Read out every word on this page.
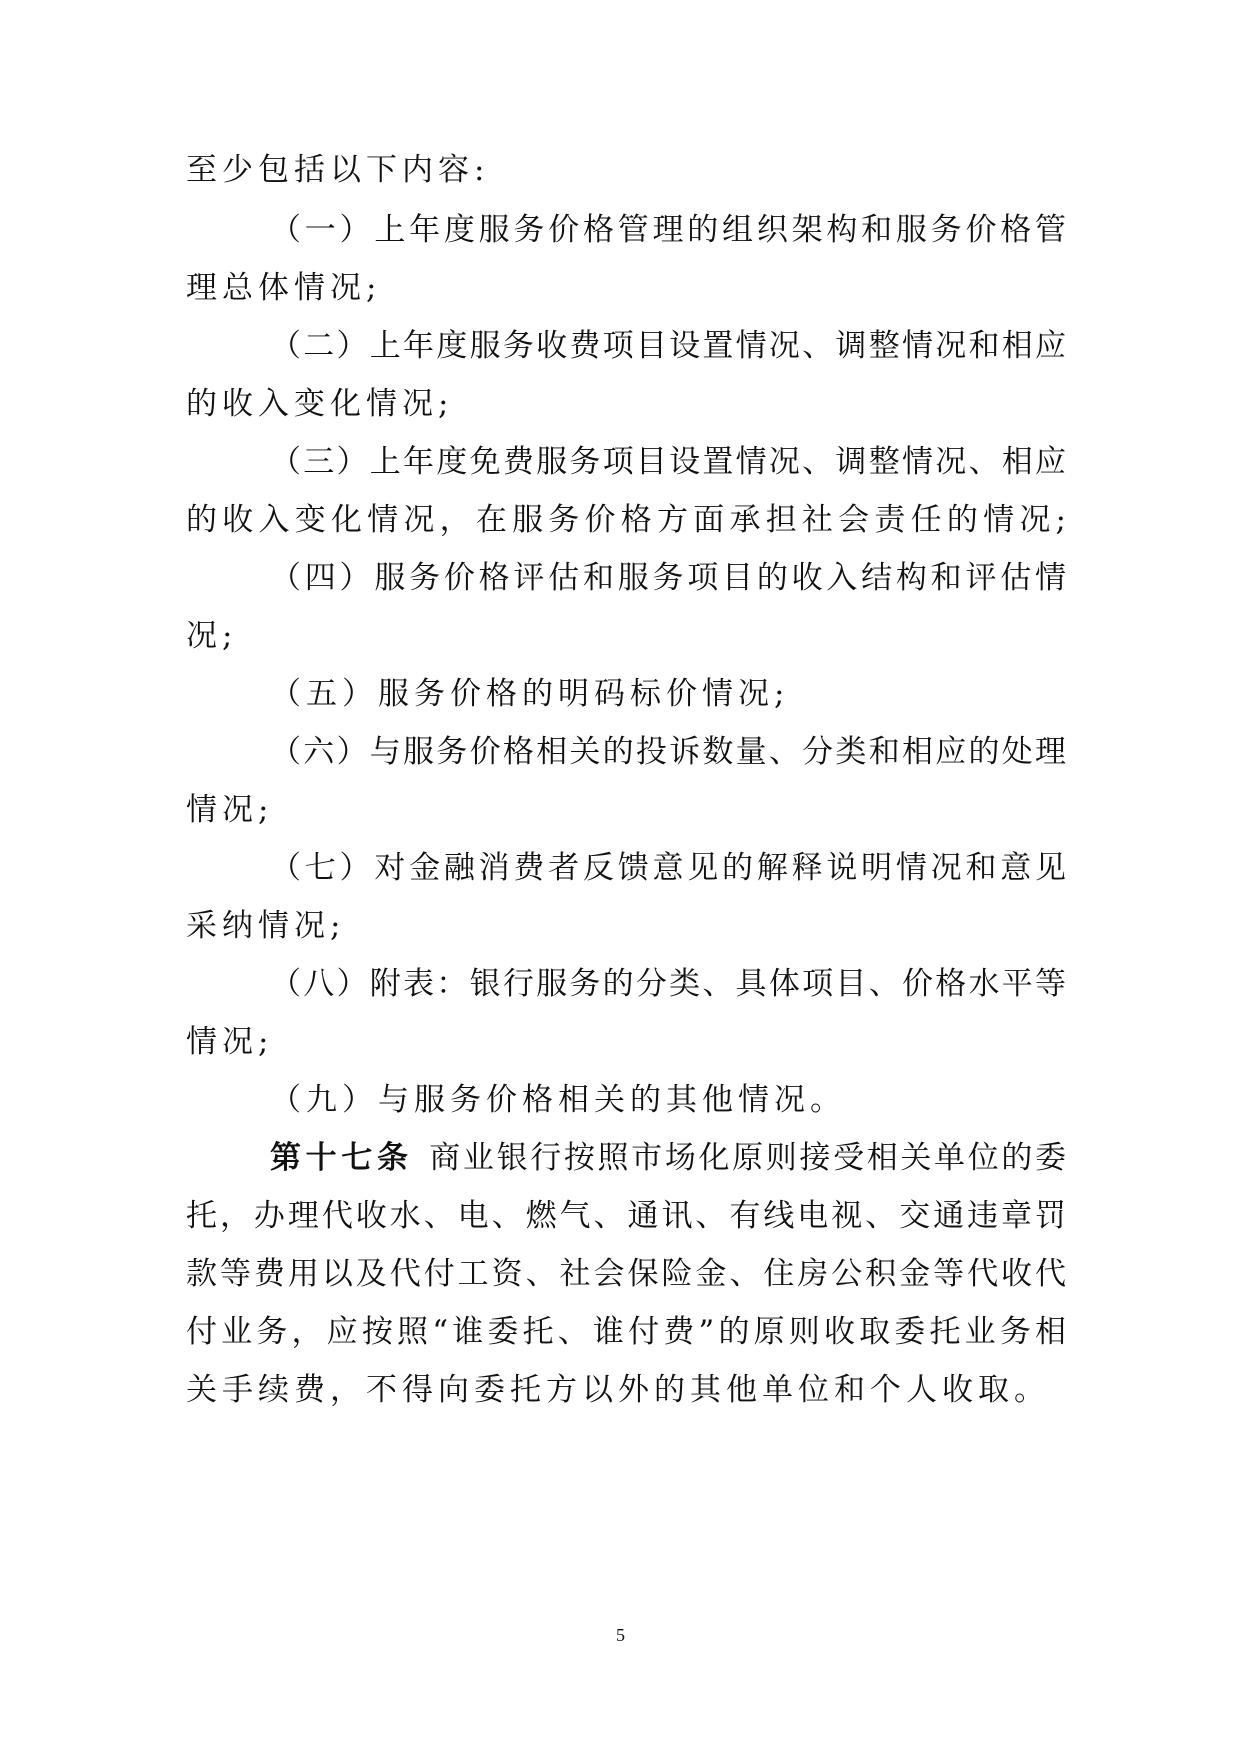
至少包括以下内容:
（一）上年度服务价格管理的组织架构和服务价格管
理总体情况;
（二）上年度服务收费项目设置情况、调整情况和相应
的收入变化情况;
（三）上年度免费服务项目设置情况、调整情况、相应
的收入变化情况，在服务价格方面承担社会责任的情况;
（四）服务价格评估和服务项目的收入结构和评估情
况;
（五）服务价格的明码标价情况;
（六）与服务价格相关的投诉数量、分类和相应的处理
情况;
（七）对金融消费者反馈意见的解释说明情况和意见
采纳情况;
（八）附表：银行服务的分类、具体项目、价格水平等
情况;
（九）与服务价格相关的其他情况。
第十七条 商业银行按照市场化原则接受相关单位的委
托，办理代收水、电、燃气、通讯、有线电视、交通违章罚
款等费用以及代付工资、社会保险金、住房公积金等代收代
付业务，应按照“谁委托、谁付费”的原则收取委托业务相
关手续费，不得向委托方以外的其他单位和个人收取。
5
